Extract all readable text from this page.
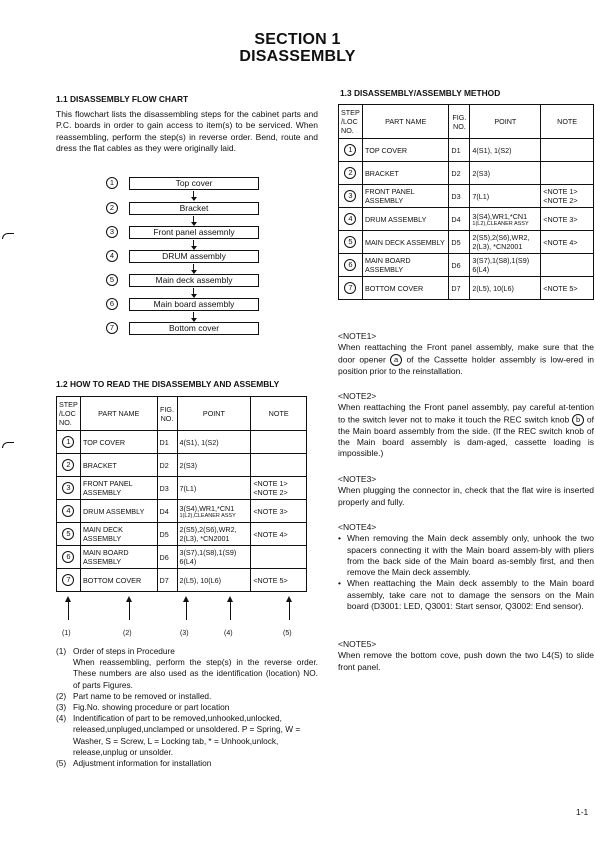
SECTION 1
DISASSEMBLY
1.1 DISASSEMBLY FLOW CHART
This flowchart lists the disassembling steps for the cabinet parts and P.C. boards in order to gain access to item(s) to be serviced. When reassembling, perform the step(s) in reverse order. Bend, route and dress the flat cables as they were originally laid.
1	Top cover
2	Bracket
3	Front panel assemnly
4	DRUM assembly
5	Main deck assembly
6	Main board assembly
7	Bottom cover
1.2 HOW TO READ THE DISASSEMBLY AND ASSEMBLY
STEP /LOC NO.	PART NAME	FIG. NO.	POINT	NOTE
1	TOP COVER	D1	4(S1), 1(S2)	
2	BRACKET	D2	2(S3)	
3	FRONT PANEL ASSEMBLY	D3	7(L1)	<NOTE 1> <NOTE 2>
4	DRUM ASSEMBLY	D4	3(S4),WR1,*CN1
1(L2),CLEANER ASSY	<NOTE 3>
5	MAIN DECK ASSEMBLY	D5	2(S5),2(S6),WR2, 2(L3), *CN2001	<NOTE 4>
6	MAIN BOARD ASSEMBLY	D6	3(S7),1(S8),1(S9) 6(L4)	
7	BOTTOM COVER	D7	2(L5), 10(L6)	<NOTE 5>
(1)	(2)	(3)	(4)	(5)
(1) Order of steps in Procedure
When reassembling, perform the step(s) in the reverse order. These numbers are also used as the identification (location) NO. of parts Figures.
(2) Part name to be removed or installed.
(3) Fig.No. showing procedure or part location
(4) Indentification of part to be removed,unhooked,unlocked, released,unpluged,unclamped or unsoldered. P = Spring, W = Washer, S = Screw, L = Locking tab, * = Unhook,unlock, release,unplug or unsolder.
(5) Adjustment information for installation
1.3 DISASSEMBLY/ASSEMBLY METHOD
STEP /LOC NO.	PART NAME	FIG. NO.	POINT	NOTE
1	TOP COVER	D1	4(S1), 1(S2)	
2	BRACKET	D2	2(S3)	
3	FRONT PANEL ASSEMBLY	D3	7(L1)	<NOTE 1> <NOTE 2>
4	DRUM ASSEMBLY	D4	3(S4),WR1,*CN1
1(L2),CLEANER ASSY	<NOTE 3>
5	MAIN DECK ASSEMBLY	D5	2(S5),2(S6),WR2, 2(L3), *CN2001	<NOTE 4>
6	MAIN BOARD ASSEMBLY	D6	3(S7),1(S8),1(S9) 6(L4)	
7	BOTTOM COVER	D7	2(L5), 10(L6)	<NOTE 5>
<NOTE1>
When reattaching the Front panel assembly, make sure that the door opener a of the Cassette holder assembly is low-ered in position prior to the reinstallation.
<NOTE2>
When reattaching the Front panel assembly, pay careful at-tention to the switch lever not to make it touch the REC switch knob b of the Main board assembly from the side. (If the REC switch knob of the Main board assembly is dam-aged, cassette loading is impossible.)
<NOTE3>
When plugging the connector in, check that the flat wire is inserted properly and fully.
<NOTE4>
• When removing the Main deck assembly only, unhook the two spacers connecting it with the Main board assem-bly with pliers from the back side of the Main board as-sembly first, and then remove the Main deck assembly.
• When reattaching the Main deck assembly to the Main board assembly, take care not to damage the sensors on the Main board (D3001: LED, Q3001: Start sensor, Q3002: End sensor).
<NOTE5>
When remove the bottom cove, push down the two L4(S) to slide front panel.
1-1
